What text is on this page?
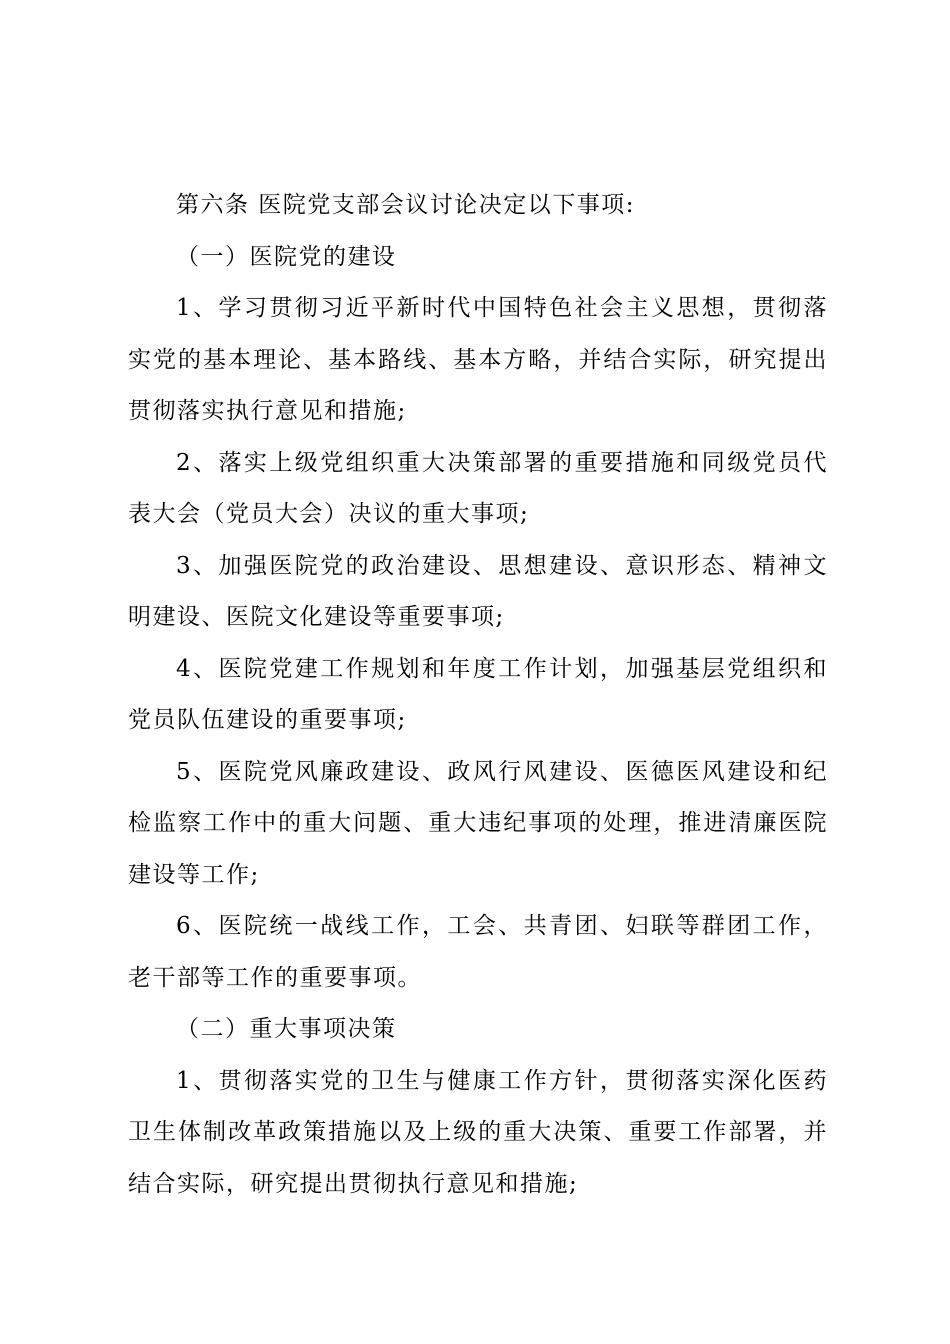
第六条 医院党支部会议讨论决定以下事项:

（一）医院党的建设

1、学习贯彻习近平新时代中国特色社会主义思想，贯彻落实党的基本理论、基本路线、基本方略，并结合实际，研究提出贯彻落实执行意见和措施;

2、落实上级党组织重大决策部署的重要措施和同级党员代表大会（党员大会）决议的重大事项;

3、加强医院党的政治建设、思想建设、意识形态、精神文明建设、医院文化建设等重要事项;

4、医院党建工作规划和年度工作计划，加强基层党组织和党员队伍建设的重要事项;

5、医院党风廉政建设、政风行风建设、医德医风建设和纪检监察工作中的重大问题、重大违纪事项的处理，推进清廉医院建设等工作;

6、医院统一战线工作，工会、共青团、妇联等群团工作，老干部等工作的重要事项。

（二）重大事项决策

1、贯彻落实党的卫生与健康工作方针，贯彻落实深化医药卫生体制改革政策措施以及上级的重大决策、重要工作部署，并结合实际，研究提出贯彻执行意见和措施;
